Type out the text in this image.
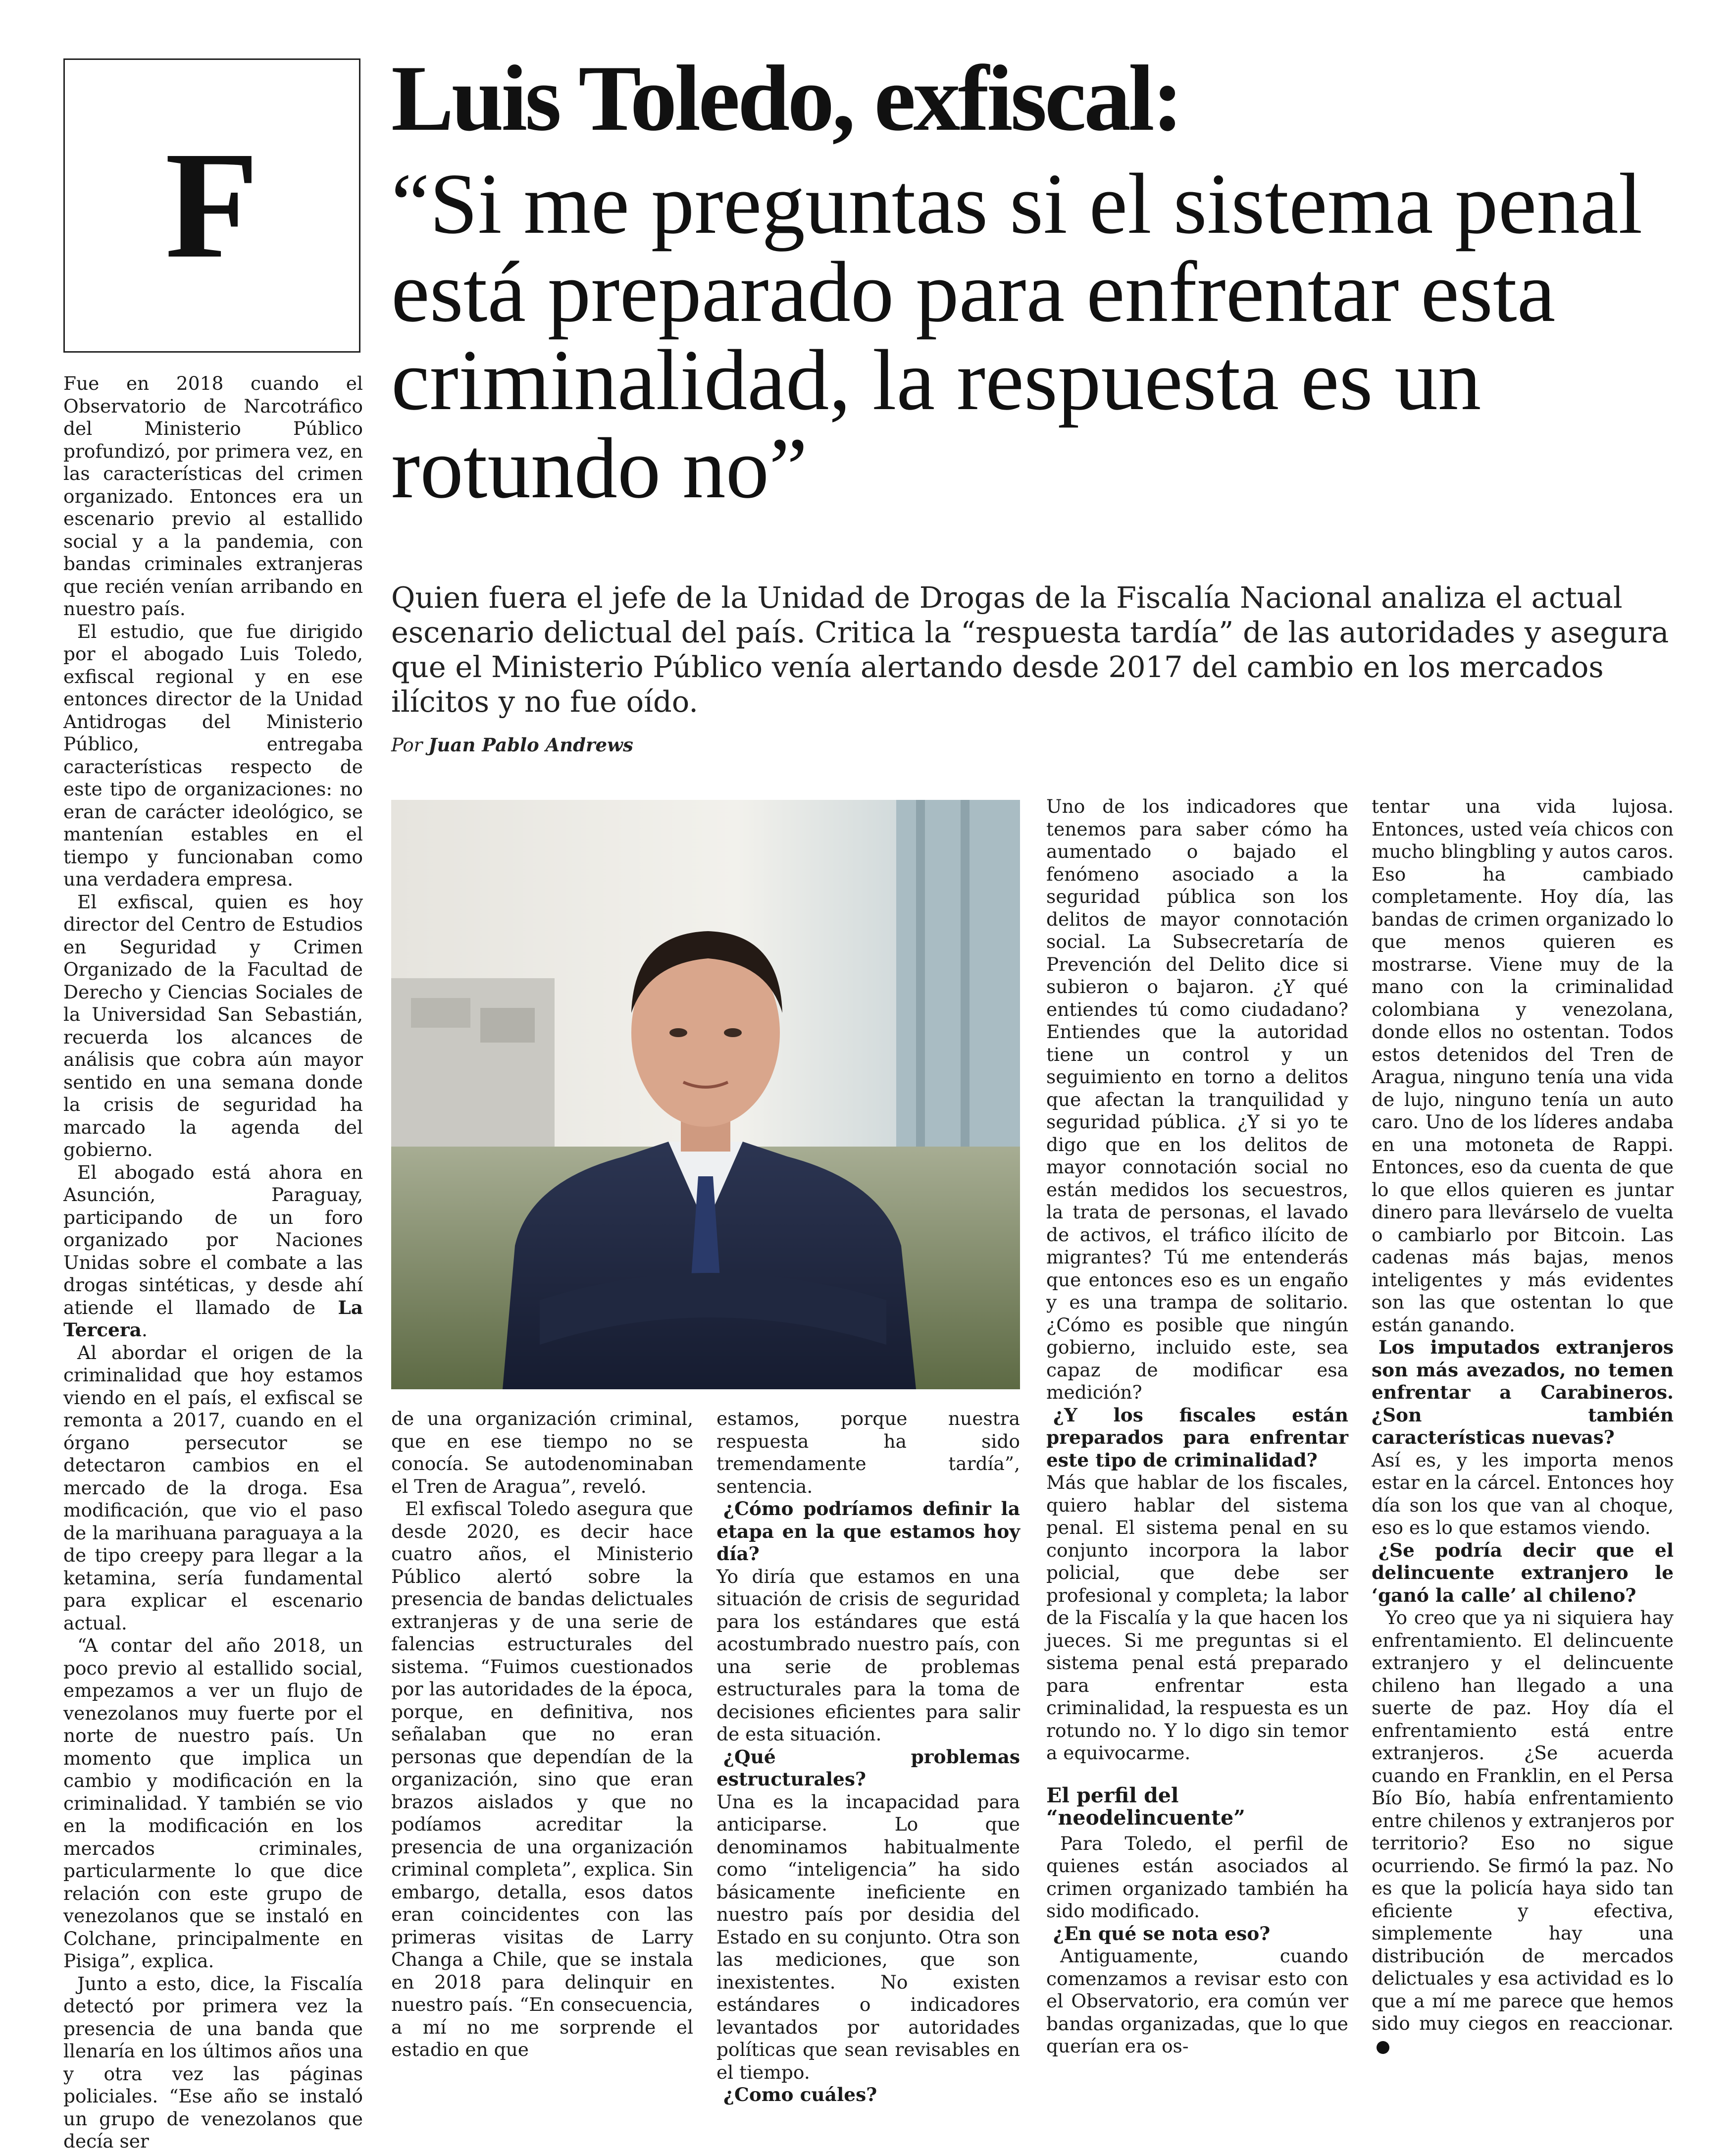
F
Luis Toledo, exfiscal:
“Si me preguntas si el sistema penal está preparado para enfrentar esta criminalidad, la respuesta es un rotundo no”
Quien fuera el jefe de la Unidad de Drogas de la Fiscalía Nacional analiza el actual escenario delictual del país. Critica la “respuesta tardía” de las autoridades y asegura que el Ministerio Público venía alertando desde 2017 del cambio en los mercados ilícitos y no fue oído.
Por Juan Pablo Andrews

Fue en 2018 cuando el Observatorio de Narcotráfico del Ministerio Público profundizó, por primera vez, en las características del crimen organizado. Entonces era un escenario previo al estallido social y a la pandemia, con bandas criminales extranjeras que recién venían arribando en nuestro país.

El estudio, que fue dirigido por el abogado Luis Toledo, exfiscal regional y en ese entonces director de la Unidad Antidrogas del Ministerio Público, entregaba características respecto de este tipo de organizaciones: no eran de carácter ideológico, se mantenían estables en el tiempo y funcionaban como una verdadera empresa.

El exfiscal, quien es hoy director del Centro de Estudios en Seguridad y Crimen Organizado de la Facultad de Derecho y Ciencias Sociales de la Universidad San Sebastián, recuerda los alcances de análisis que cobra aún mayor sentido en una semana donde la crisis de seguridad ha marcado la agenda del gobierno.

El abogado está ahora en Asunción, Paraguay, participando de un foro organizado por Naciones Unidas sobre el combate a las drogas sintéticas, y desde ahí atiende el llamado de La Tercera.

Al abordar el origen de la criminalidad que hoy estamos viendo en el país, el exfiscal se remonta a 2017, cuando en el órgano persecutor se detectaron cambios en el mercado de la droga. Esa modificación, que vio el paso de la marihuana paraguaya a la de tipo creepy para llegar a la ketamina, sería fundamental para explicar el escenario actual.

“A contar del año 2018, un poco previo al estallido social, empezamos a ver un flujo de venezolanos muy fuerte por el norte de nuestro país. Un momento que implica un cambio y modificación en la criminalidad. Y también se vio en la modificación en los mercados criminales, particularmente lo que dice relación con este grupo de venezolanos que se instaló en Colchane, principalmente en Pisiga”, explica.

Junto a esto, dice, la Fiscalía detectó por primera vez la presencia de una banda que llenaría en los últimos años una y otra vez las páginas policiales. “Ese año se instaló un grupo de venezolanos que decía ser

de una organización criminal, que en ese tiempo no se conocía. Se autodenominaban el Tren de Aragua”, reveló.

El exfiscal Toledo asegura que desde 2020, es decir hace cuatro años, el Ministerio Público alertó sobre la presencia de bandas delictuales extranjeras y de una serie de falencias estructurales del sistema. “Fuimos cuestionados por las autoridades de la época, porque, en definitiva, nos señalaban que no eran personas que dependían de la organización, sino que eran brazos aislados y que no podíamos acreditar la presencia de una organización criminal completa”, explica. Sin embargo, detalla, esos datos eran coincidentes con las primeras visitas de Larry Changa a Chile, que se instala en 2018 para delinquir en nuestro país. “En consecuencia, a mí no me sorprende el estadio en que

estamos, porque nuestra respuesta ha sido tremendamente tardía”, sentencia.

¿Cómo podríamos definir la etapa en la que estamos hoy día?

Yo diría que estamos en una situación de crisis de seguridad para los estándares que está acostumbrado nuestro país, con una serie de problemas estructurales para la toma de decisiones eficientes para salir de esta situación.

¿Qué problemas estructurales?

Una es la incapacidad para anticiparse. Lo que denominamos habitualmente como “inteligencia” ha sido básicamente ineficiente en nuestro país por desidia del Estado en su conjunto. Otra son las mediciones, que son inexistentes. No existen estándares o indicadores levantados por autoridades políticas que sean revisables en el tiempo.

¿Como cuáles?

Uno de los indicadores que tenemos para saber cómo ha aumentado o bajado el fenómeno asociado a la seguridad pública son los delitos de mayor connotación social. La Subsecretaría de Prevención del Delito dice si subieron o bajaron. ¿Y qué entiendes tú como ciudadano? Entiendes que la autoridad tiene un control y un seguimiento en torno a delitos que afectan la tranquilidad y seguridad pública. ¿Y si yo te digo que en los delitos de mayor connotación social no están medidos los secuestros, la trata de personas, el lavado de activos, el tráfico ilícito de migrantes? Tú me entenderás que entonces eso es un engaño y es una trampa de solitario. ¿Cómo es posible que ningún gobierno, incluido este, sea capaz de modificar esa medición?

¿Y los fiscales están preparados para enfrentar este tipo de criminalidad?

Más que hablar de los fiscales, quiero hablar del sistema penal. El sistema penal en su conjunto incorpora la labor policial, que debe ser profesional y completa; la labor de la Fiscalía y la que hacen los jueces. Si me preguntas si el sistema penal está preparado para enfrentar esta criminalidad, la respuesta es un rotundo no. Y lo digo sin temor a equivocarme.

El perfil del “neodelincuente”

Para Toledo, el perfil de quienes están asociados al crimen organizado también ha sido modificado.

¿En qué se nota eso?

Antiguamente, cuando comenzamos a revisar esto con el Observatorio, era común ver bandas organizadas, que lo que querían era os-

tentar una vida lujosa. Entonces, usted veía chicos con mucho blingbling y autos caros. Eso ha cambiado completamente. Hoy día, las bandas de crimen organizado lo que menos quieren es mostrarse. Viene muy de la mano con la criminalidad colombiana y venezolana, donde ellos no ostentan. Todos estos detenidos del Tren de Aragua, ninguno tenía una vida de lujo, ninguno tenía un auto caro. Uno de los líderes andaba en una motoneta de Rappi. Entonces, eso da cuenta de que lo que ellos quieren es juntar dinero para llevárselo de vuelta o cambiarlo por Bitcoin. Las cadenas más bajas, menos inteligentes y más evidentes son las que ostentan lo que están ganando.

Los imputados extranjeros son más avezados, no temen enfrentar a Carabineros. ¿Son también características nuevas?

Así es, y les importa menos estar en la cárcel. Entonces hoy día son los que van al choque, eso es lo que estamos viendo.

¿Se podría decir que el delincuente extranjero le ‘ganó la calle’ al chileno?

Yo creo que ya ni siquiera hay enfrentamiento. El delincuente extranjero y el delincuente chileno han llegado a una suerte de paz. Hoy día el enfrentamiento está entre extranjeros. ¿Se acuerda cuando en Franklin, en el Persa Bío Bío, había enfrentamiento entre chilenos y extranjeros por territorio? Eso no sigue ocurriendo. Se firmó la paz. No es que la policía haya sido tan eficiente y efectiva, simplemente hay una distribución de mercados delictuales y esa actividad es lo que a mí me parece que hemos sido muy ciegos en reaccionar.
